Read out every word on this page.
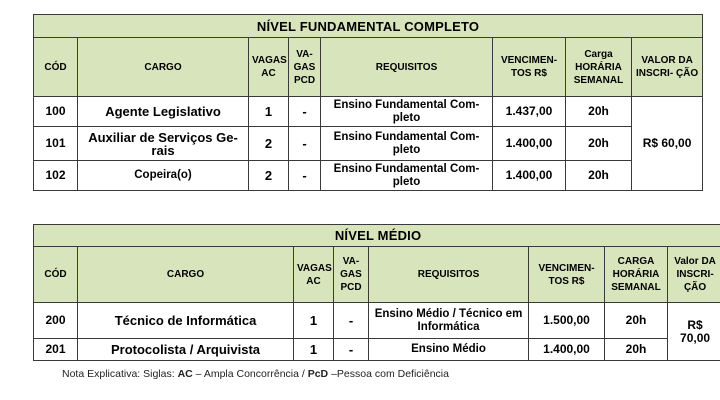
NÍVEL FUNDAMENTAL COMPLETO							
CÓD	CARGO	VAGAS AC	VA- GAS PCD	REQUISITOS	VENCIMEN- TOS R$	Carga HORÁRIA SEMANAL	VALOR DA INSCRI- ÇÃO
100	Agente Legislativo	1	-	Ensino Fundamental Com- pleto	1.437,00	20h	R$ 60,00
101	Auxiliar de Serviços Ge- rais	2	-	Ensino Fundamental Com- pleto	1.400,00	20h	
102	Copeira(o)	2	-	Ensino Fundamental Com- pleto	1.400,00	20h	
NÍVEL MÉDIO							
CÓD	CARGO	VAGAS AC	VA- GAS PCD	REQUISITOS	VENCIMEN- TOS R$	CARGA HORÁRIA SEMANAL	Valor DA INSCRI- ÇÃO
200	Técnico de Informática	1	-	Ensino Médio / Técnico em Informática	1.500,00	20h	R$ 70,00
201	Protocolista / Arquivista	1	-	Ensino Médio	1.400,00	20h	
Nota Explicativa: Siglas: AC – Ampla Concorrência / PcD –Pessoa com Deficiência
